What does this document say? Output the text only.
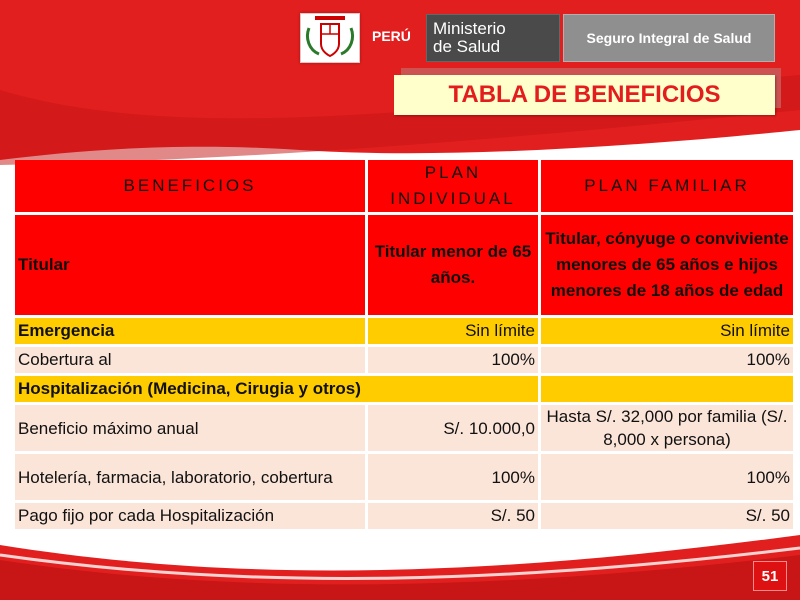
PERÚ Ministerio
de Salud	Seguro Integral de Salud
TABLA DE BENEFICIOS
BENEFICIOS	PLAN INDIVIDUAL	PLAN FAMILIAR
Titular	Titular menor de 65 años.	Titular, cónyuge o conviviente menores de 65 años e hijos menores de 18 años de edad
Emergencia	Sin límite	Sin límite
Cobertura al	100%	100%
Hospitalización (Medicina, Cirugia y otros)		
Beneficio máximo anual	S/. 10.000,0	Hasta S/. 32,000 por familia (S/. 8,000 x persona)
Hotelería, farmacia, laboratorio, cobertura	100%	100%
Pago fijo por cada Hospitalización	S/. 50	S/. 50
51
